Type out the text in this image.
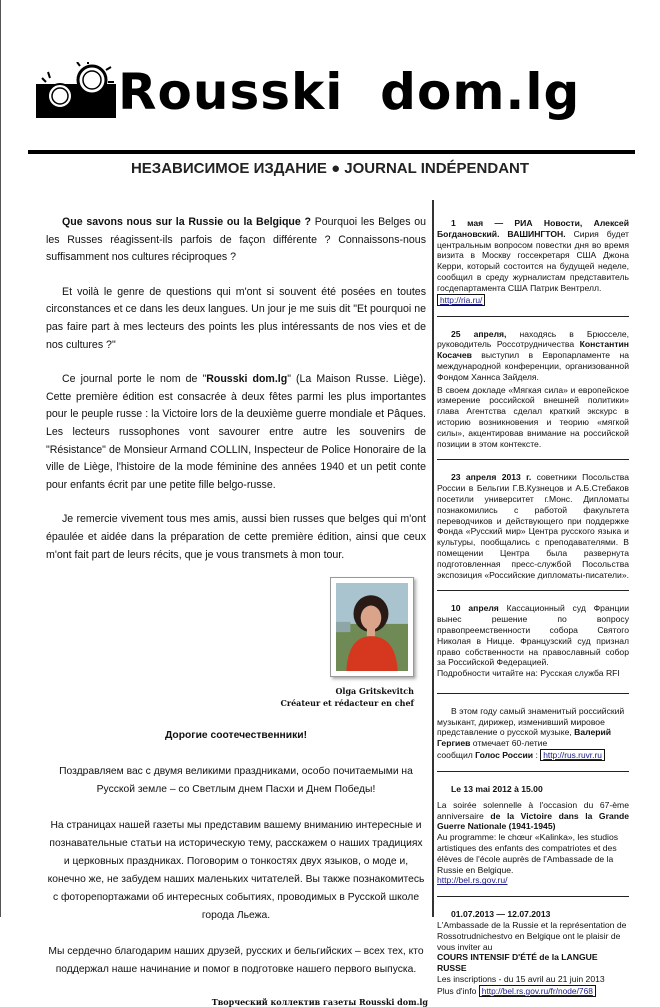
Rousski  dom.lg
НЕЗАВИСИМОЕ ИЗДАНИЕ ● JOURNAL INDÉPENDANT

Que savons nous sur la Russie ou la Belgique ? Pourquoi les Belges ou les Russes réagissent-ils parfois de façon différente ? Connaissons-nous suffisamment nos cultures réciproques ?

Et voilà le genre de questions qui m'ont si souvent été posées en toutes circonstances et ce dans les deux langues. Un jour je me suis dit "Et pourquoi ne pas faire part à mes lecteurs des points les plus intéressants de nos vies et de nos cultures ?"

Ce journal porte le nom de "Rousski dom.lg" (La Maison Russe. Liège). Cette première édition est consacrée à deux fêtes parmi les plus importantes pour le peuple russe : la Victoire lors de la deuxième guerre mondiale et Pâques. Les lecteurs russophones vont savourer entre autre les souvenirs de "Résistance" de Monsieur Armand COLLIN, Inspecteur de Police Honoraire de la ville de Liège, l'histoire de la mode féminine des années 1940 et un petit conte pour enfants écrit par une petite fille belgo-russe.

Je remercie vivement tous mes amis, aussi bien russes que belges qui m'ont épaulée et aidée dans la préparation de cette première édition, ainsi que ceux m'ont fait part de leurs récits, que je vous transmets à mon tour.

Olga Gritskevitch
Créateur et rédacteur en chef

Дорогие соотечественники!

Поздравляем вас с двумя великими праздниками, особо почитаемыми на Русской земле – со Светлым днем Пасхи и Днем Победы!

На страницах нашей газеты мы представим вашему вниманию интересные и познавательные статьи на историческую тему, расскажем о наших традициях и церковных праздниках. Поговорим о тонкостях двух языков, о моде и, конечно же, не забудем наших маленьких читателей. Вы также познакомитесь с фоторепортажами об интересных событиях, проводимых в Русской школе города Льежа.

Мы сердечно благодарим наших друзей, русских и бельгийских – всех тех, кто поддержал наше начинание и помог в подготовке нашего первого выпуска.

Творческий коллектив газеты Rousski dom.lg
1 мая — РИА Новости, Алексей Богдановский. ВАШИНГТОН. Сирия будет центральным вопросом повестки дня во время визита в Москву госсекретаря США Джона Керри, который состоится на будущей неделе, сообщил в среду журналистам представитель госдепартамента США Патрик Вентрелл.
http://ria.ru/
25 апреля, находясь в Брюсселе, руководитель Россотрудничества Константин Косачев выступил в Европарламенте на международной конференции, организованной Фондом Ханнса Зайделя.
В своем докладе «Мягкая сила» и европейское измерение российской внешней политики» глава Агентства сделал краткий экскурс в историю возникновения и теорию «мягкой силы», акцентировав внимание на российской позиции в этом контексте.
23 апреля 2013 г. советники Посольства России в Бельгии Г.В.Кузнецов и А.Б.Стебаков посетили университет г.Монс. Дипломаты познакомились с работой факультета переводчиков и действующего при поддержке Фонда «Русский мир» Центра русского языка и культуры, пообщались с преподавателями. В помещении Центра была развернута подготовленная пресс-службой Посольства экспозиция «Российские дипломаты-писатели».
10 апреля Кассационный суд Франции вынес решение по вопросу правопреемственности собора Святого Николая в Ницце. Французский суд признал право собственности на православный собор за Российской Федерацией.
Подробности читайте на: Русская служба RFI
В этом году самый знаменитый российский музыкант, дирижер, изменивший мировое представление о русской музыке, Валерий Гергиев отмечает 60-летие
сообщил Голос России : http://rus.ruvr.ru
Le 13 mai 2012 à 15.00
La soirée solennelle à l'occasion du 67-ème anniversaire de la Victoire dans la Grande Guerre Nationale (1941-1945)
Au programme: le chœur «Kalinka», les studios artistiques des enfants des compatriotes et des élèves de l'école auprès de l'Ambassade de la Russie en Belgique.
http://bel.rs.gov.ru/
01.07.2013 — 12.07.2013
L'Ambassade de la Russie et la représentation de Rossotrudnichestvo en Belgique ont le plaisir de vous inviter au
COURS INTENSIF D'ÉTÉ de la LANGUE RUSSE
Les inscriptions - du 15 avril au 21 juin 2013
Plus d'info http://bel.rs.gov.ru/fr/node/768
